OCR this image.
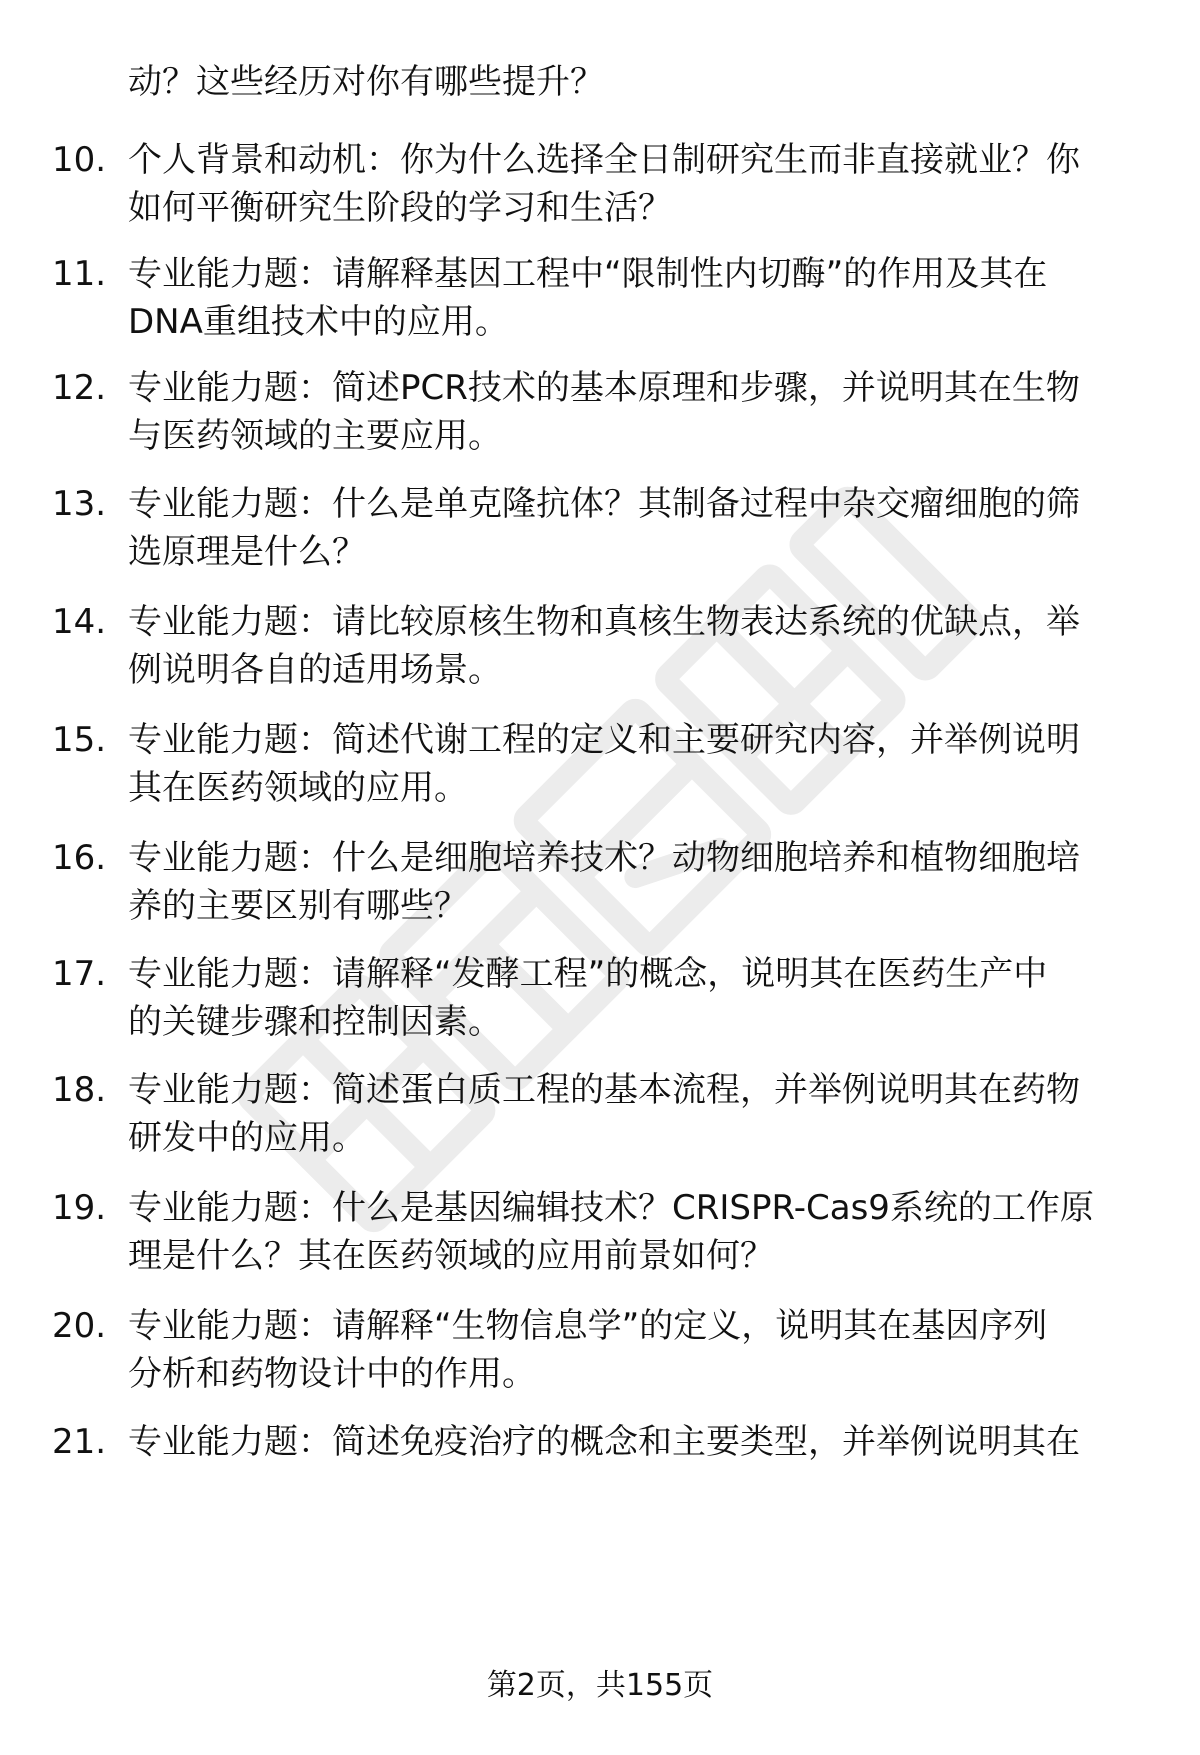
动？这些经历对你有哪些提升？
10. 个人背景和动机：你为什么选择全日制研究生而非直接就业？你
如何平衡研究生阶段的学习和生活？
11. 专业能力题：请解释基因工程中“限制性内切酶”的作用及其在
DNA重组技术中的应用。
12. 专业能力题：简述PCR技术的基本原理和步骤，并说明其在生物
与医药领域的主要应用。
13. 专业能力题：什么是单克隆抗体？其制备过程中杂交瘤细胞的筛
选原理是什么？
14. 专业能力题：请比较原核生物和真核生物表达系统的优缺点，举
例说明各自的适用场景。
15. 专业能力题：简述代谢工程的定义和主要研究内容，并举例说明
其在医药领域的应用。
16. 专业能力题：什么是细胞培养技术？动物细胞培养和植物细胞培
养的主要区别有哪些？
17. 专业能力题：请解释“发酵工程”的概念，说明其在医药生产中
的关键步骤和控制因素。
18. 专业能力题：简述蛋白质工程的基本流程，并举例说明其在药物
研发中的应用。
19. 专业能力题：什么是基因编辑技术？CRISPR-Cas9系统的工作原
理是什么？其在医药领域的应用前景如何？
20. 专业能力题：请解释“生物信息学”的定义，说明其在基因序列
分析和药物设计中的作用。
21. 专业能力题：简述免疫治疗的概念和主要类型，并举例说明其在
第2页，共155页
